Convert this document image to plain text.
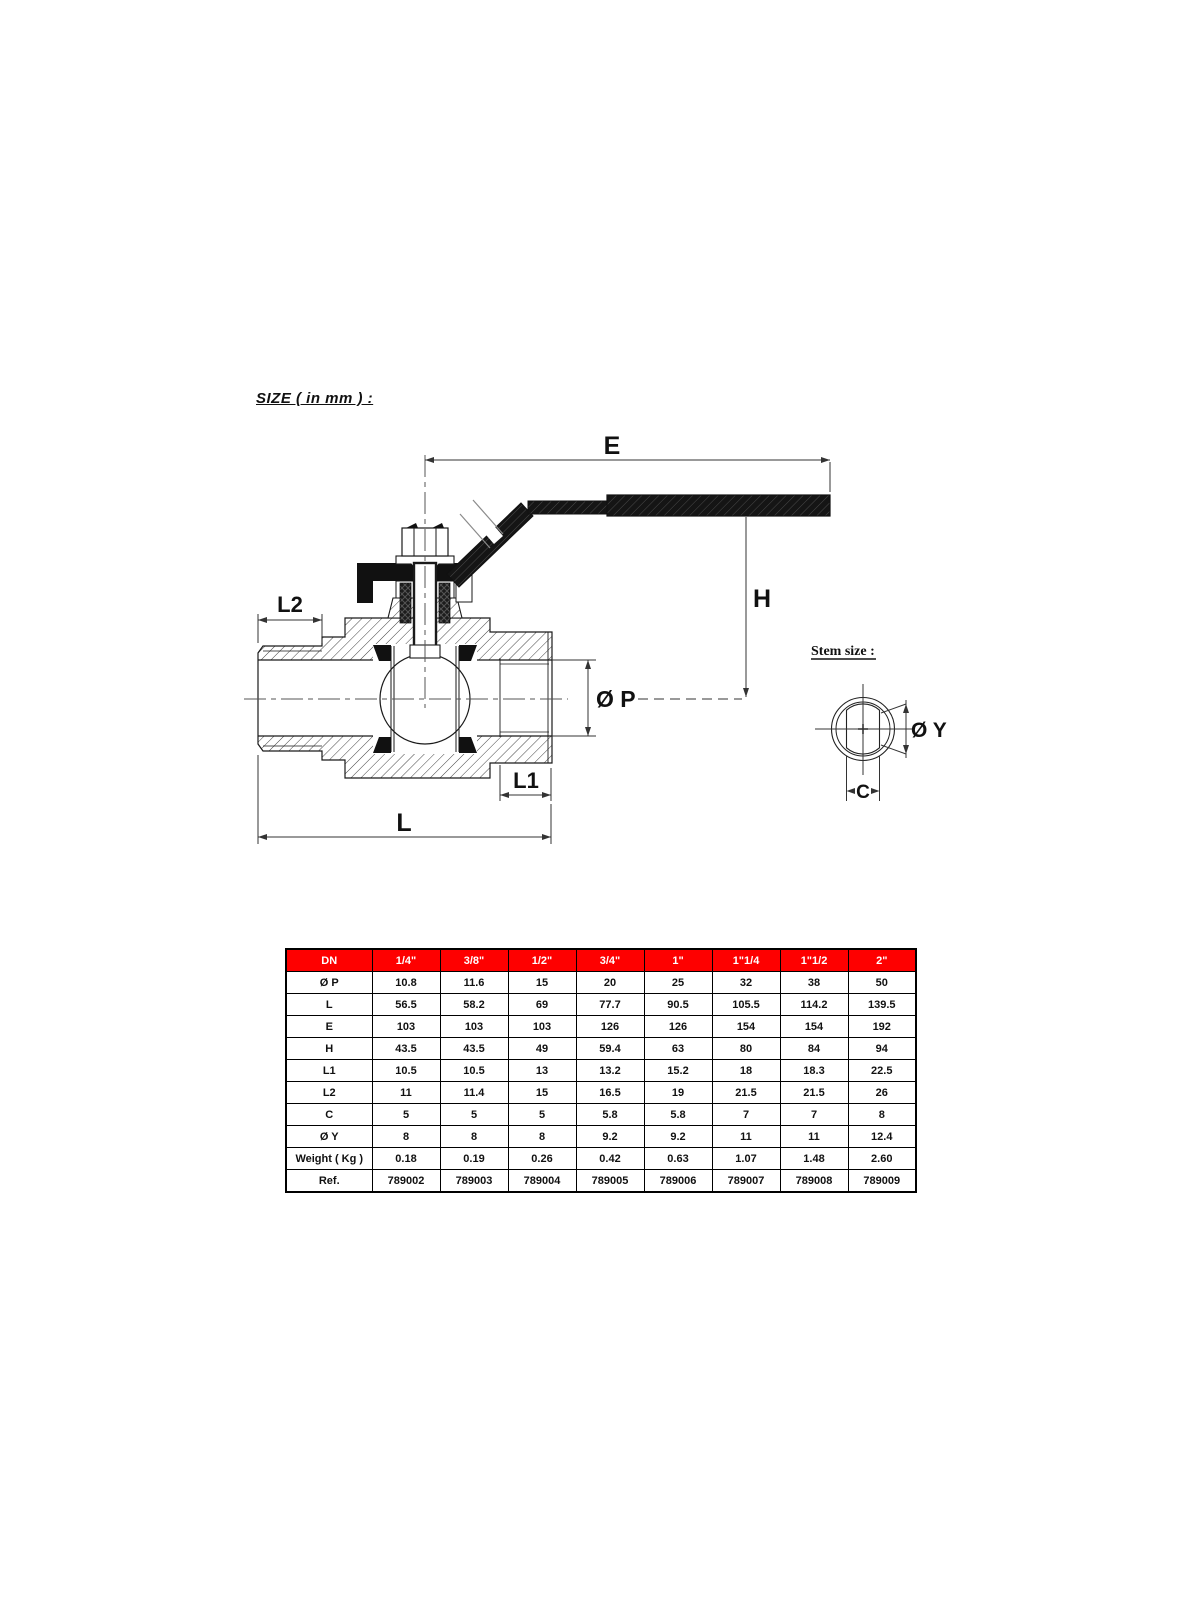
SIZE ( in mm ) :
E
H
L2
Ø P
L1
L
Stem size :
Ø Y
C
DN	1/4"	3/8"	1/2"	3/4"	1"	1"1/4	1"1/2	2"
Ø P	10.8	11.6	15	20	25	32	38	50
L	56.5	58.2	69	77.7	90.5	105.5	114.2	139.5
E	103	103	103	126	126	154	154	192
H	43.5	43.5	49	59.4	63	80	84	94
L1	10.5	10.5	13	13.2	15.2	18	18.3	22.5
L2	11	11.4	15	16.5	19	21.5	21.5	26
C	5	5	5	5.8	5.8	7	7	8
Ø Y	8	8	8	9.2	9.2	11	11	12.4
Weight ( Kg )	0.18	0.19	0.26	0.42	0.63	1.07	1.48	2.60
Ref.	789002	789003	789004	789005	789006	789007	789008	789009
